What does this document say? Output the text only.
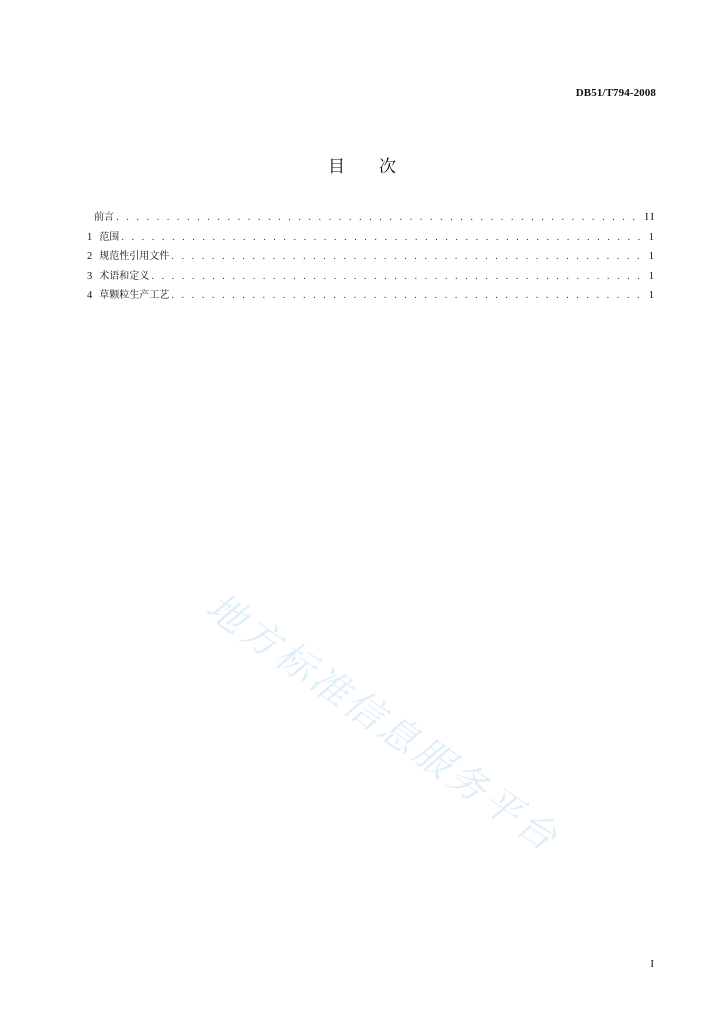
DB51/T794-2008
目　　次
前言 . . .	II
1 范围 . . .	1
2 规范性引用文件 . . .	1
3 术语和定义 . . .	1
4 草颗粒生产工艺 . . .	1
地方标准信息服务平台
I
